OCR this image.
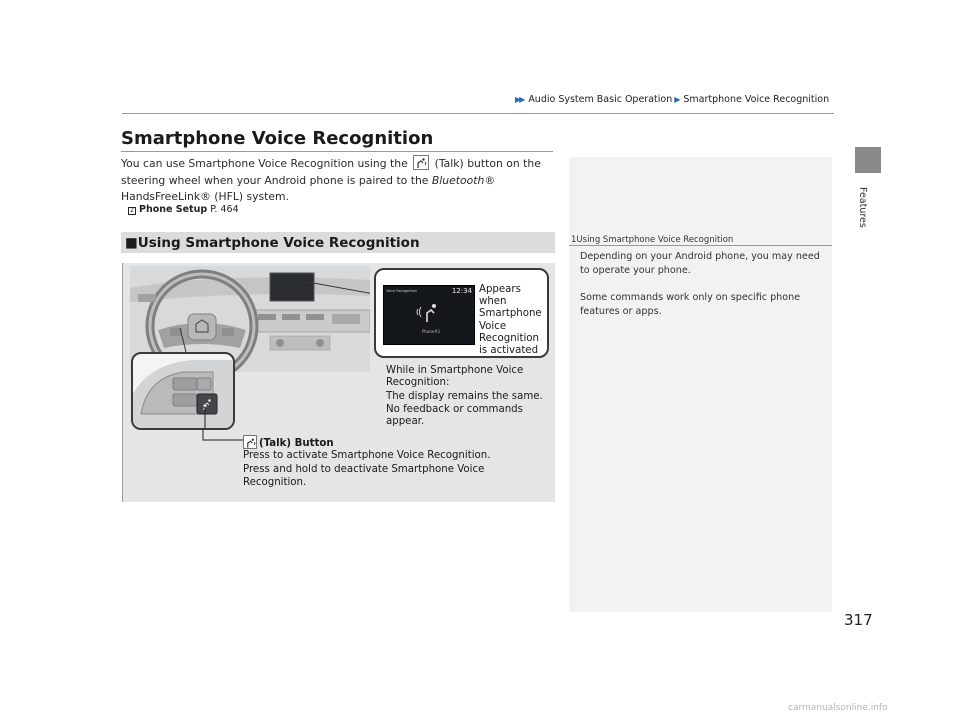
▶▶ Audio System Basic Operation ▶ Smartphone Voice Recognition
Features
Smartphone Voice Recognition
You can use Smartphone Voice Recognition using the (Talk) button on the steering wheel when your Android phone is paired to the Bluetooth® HandsFreeLink® (HFL) system.
2 Phone Setup P. 464
■Using Smartphone Voice Recognition
Voice Recognition	12:34
Phone#1
Appears when Smartphone Voice Recognition is activated
While in Smartphone Voice Recognition:
The display remains the same. No feedback or commands appear.
(Talk) Button
Press to activate Smartphone Voice Recognition.
Press and hold to deactivate Smartphone Voice Recognition.
1Using Smartphone Voice Recognition
Depending on your Android phone, you may need to operate your phone.
Some commands work only on specific phone features or apps.
317
carmanualsonline.info
